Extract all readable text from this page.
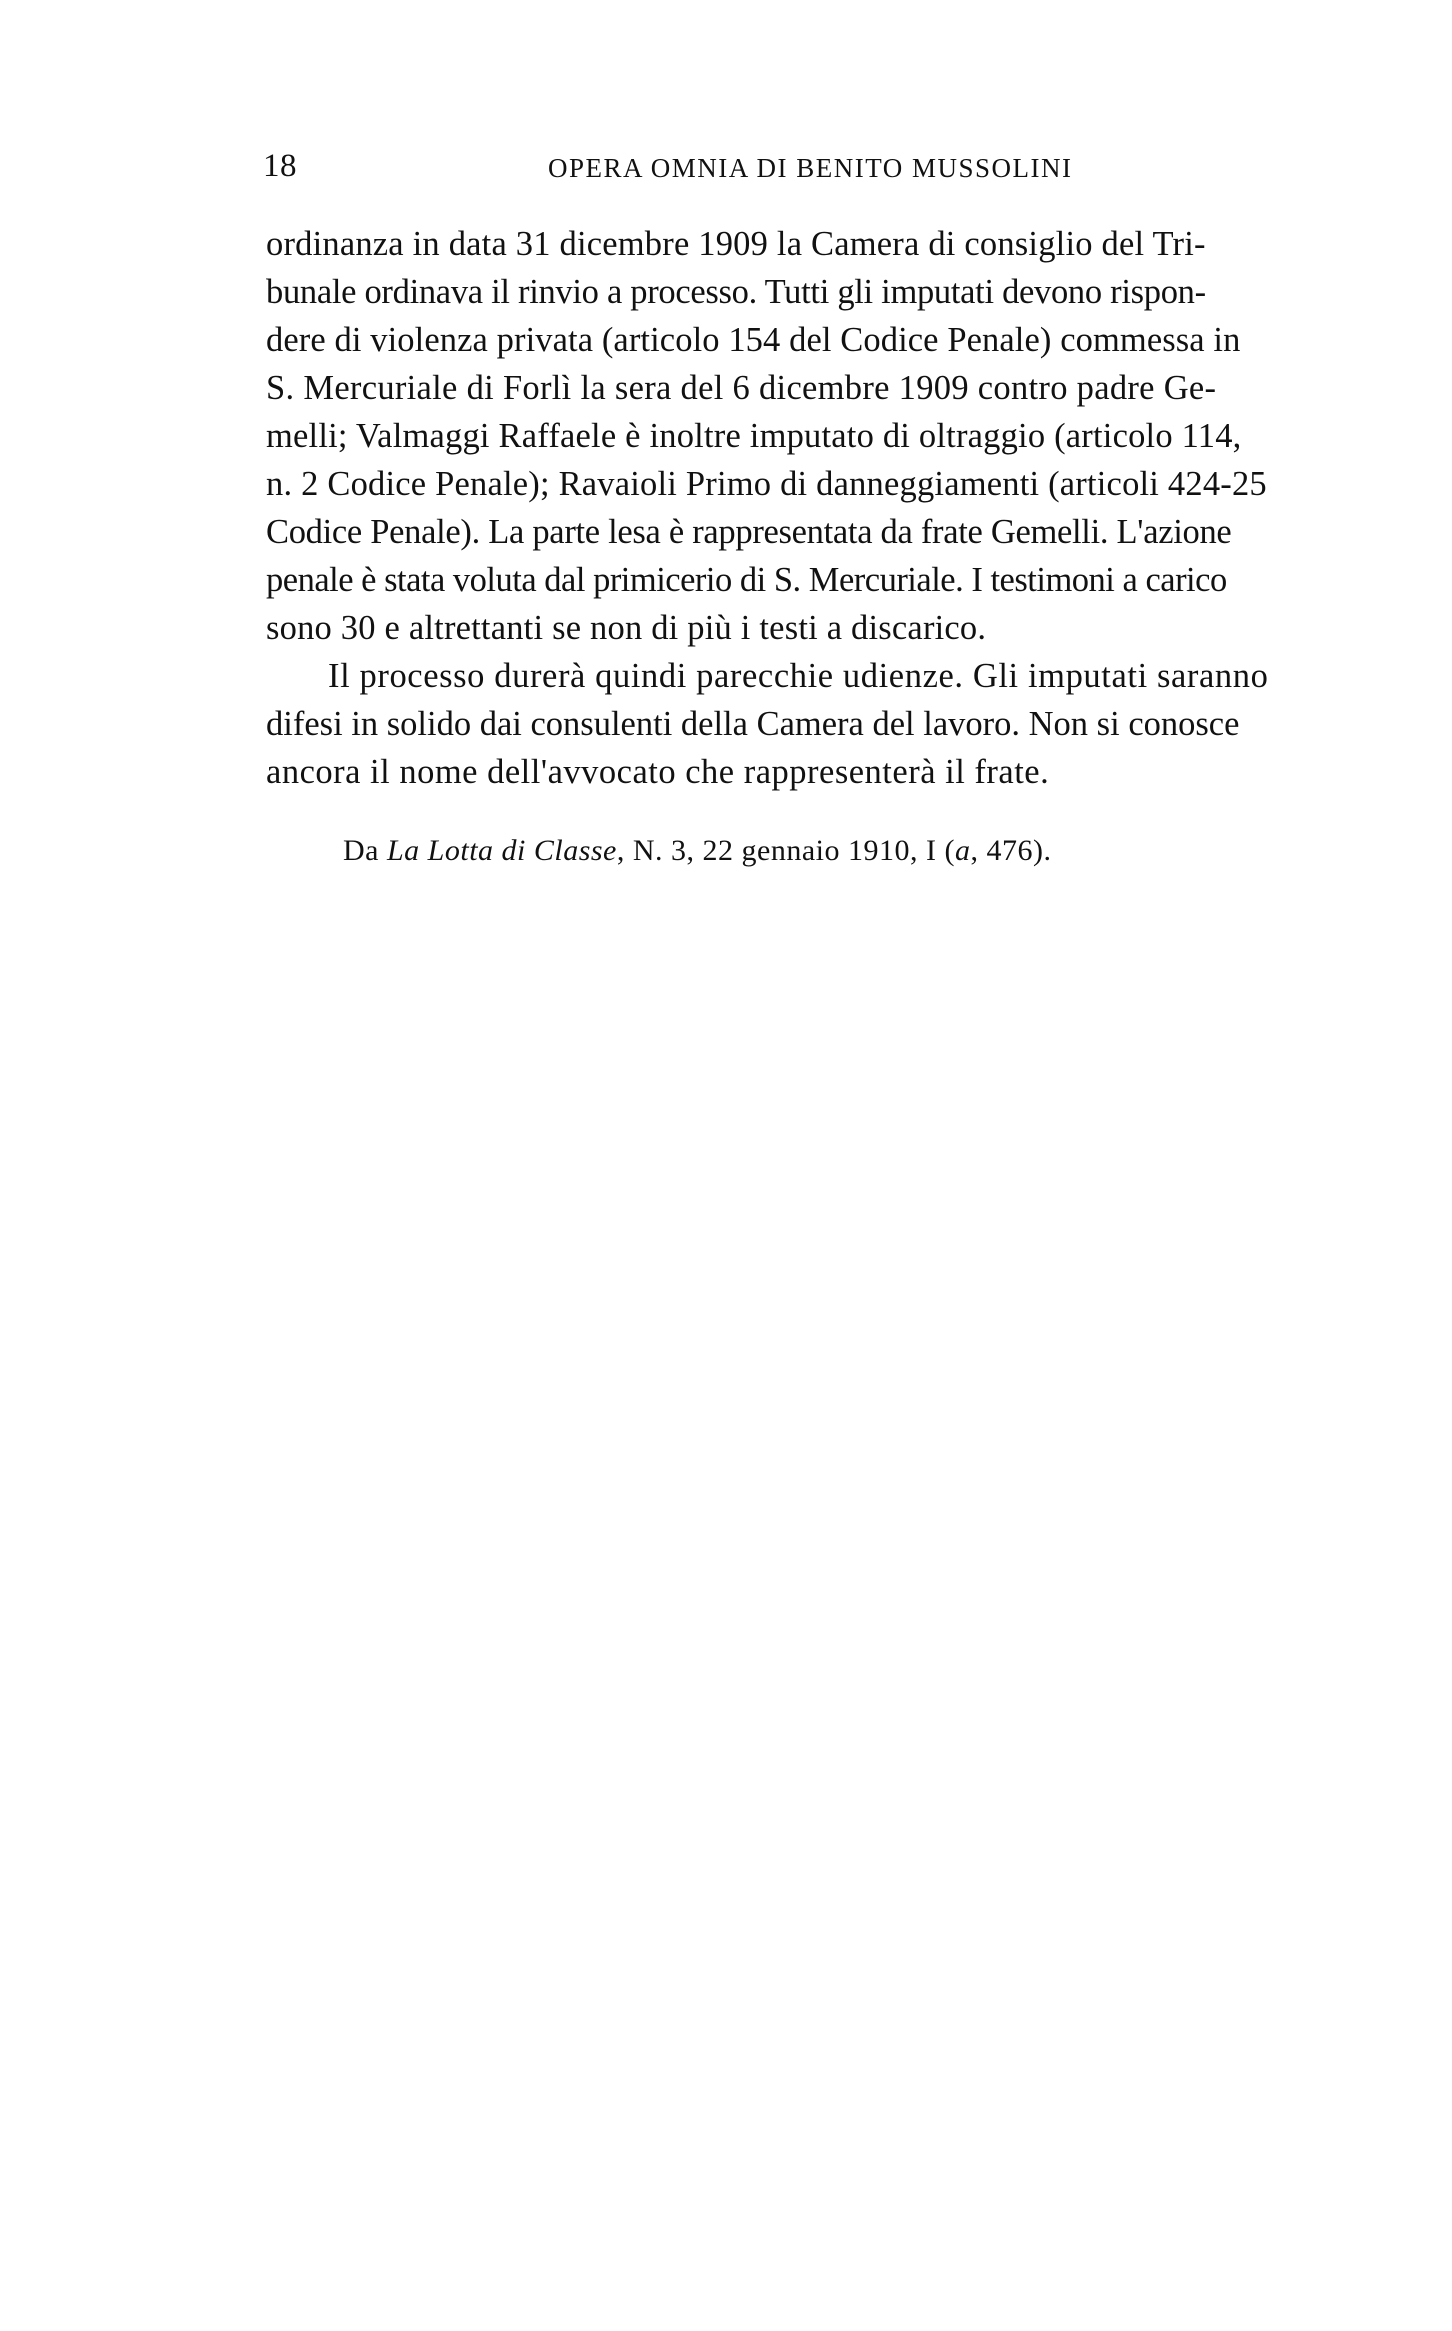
18	OPERA OMNIA DI BENITO MUSSOLINI
ordinanza in data 31 dicembre 1909 la Camera di consiglio del Tri-
bunale ordinava il rinvio a processo. Tutti gli imputati devono rispon-
dere di violenza privata (articolo 154 del Codice Penale) commessa in
S. Mercuriale di Forlì la sera del 6 dicembre 1909 contro padre Ge-
melli; Valmaggi Raffaele è inoltre imputato di oltraggio (articolo 114,
n. 2 Codice Penale); Ravaioli Primo di danneggiamenti (articoli 424-25
Codice Penale). La parte lesa è rappresentata da frate Gemelli. L'azione
penale è stata voluta dal primicerio di S. Mercuriale. I testimoni a carico
sono 30 e altrettanti se non di più i testi a discarico.
Il processo durerà quindi parecchie udienze. Gli imputati saranno
difesi in solido dai consulenti della Camera del lavoro. Non si conosce
ancora il nome dell'avvocato che rappresenterà il frate.
Da La Lotta di Classe, N. 3, 22 gennaio 1910, I (a, 476).
